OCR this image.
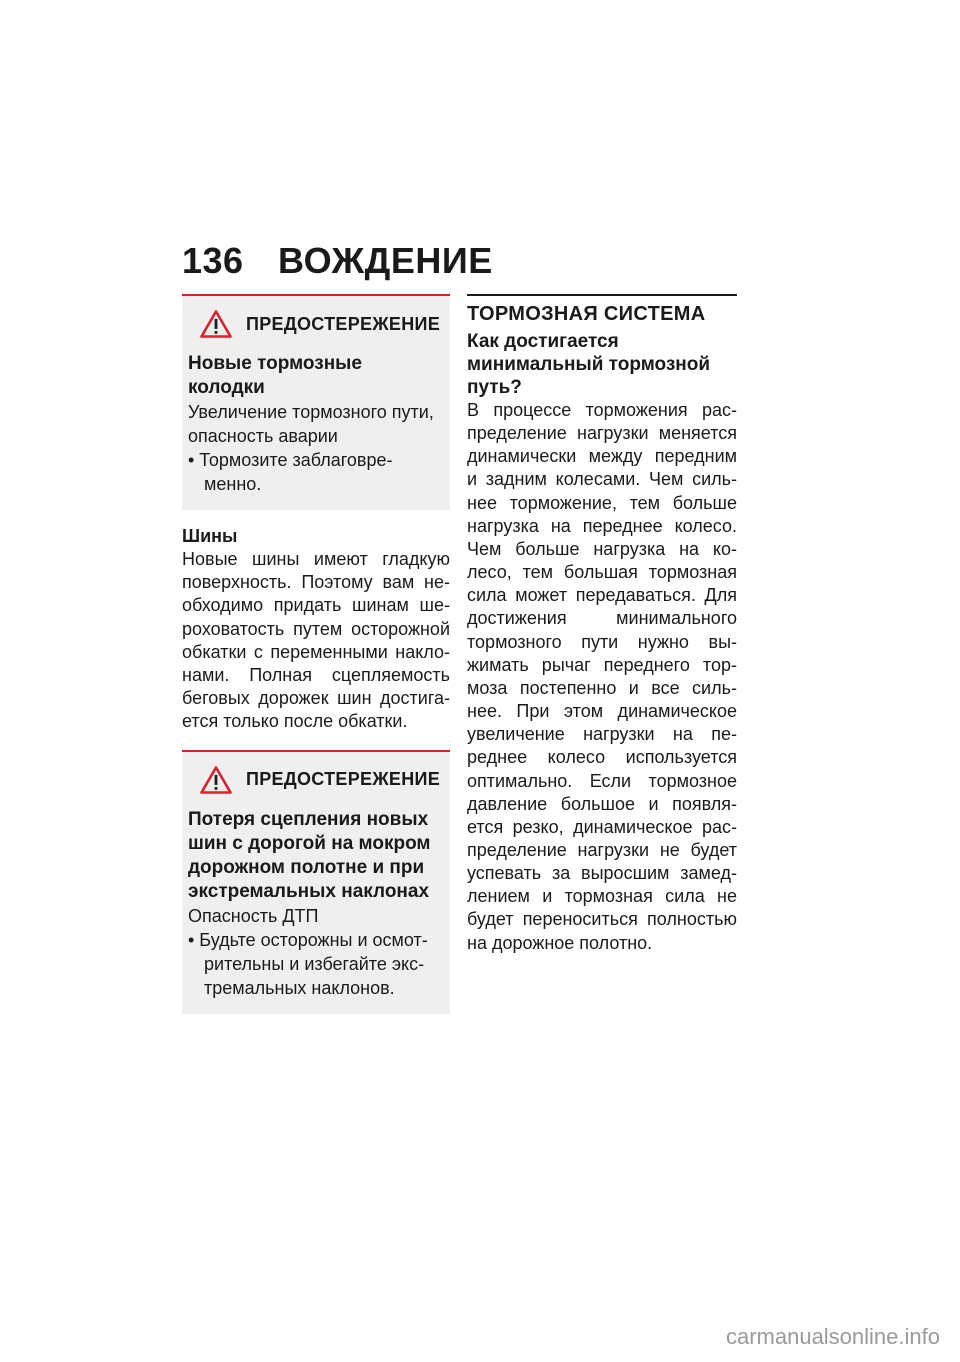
136 ВОЖДЕНИЕ
ПРЕДОСТЕРЕЖЕНИЕ
Новые тормозные колодки
Увеличение тормозного пути, опасность аварии
• Тормозите заблаговре- менно.
Шины
Новые шины имеют гладкую поверхность. Поэтому вам не- обходимо придать шинам ше- роховатость путем осторожной обкатки с переменными накло- нами. Полная сцепляемость беговых дорожек шин достига- ется только после обкатки.
ПРЕДОСТЕРЕЖЕНИЕ
Потеря сцепления новых шин с дорогой на мокром дорожном полотне и при экстремальных наклонах
Опасность ДТП
• Будьте осторожны и осмот- рительны и избегайте экс- тремальных наклонов.
ТОРМОЗНАЯ СИСТЕМА
Как достигается минимальный тормозной путь?
В процессе торможения рас- пределение нагрузки меняется динамически между передним и задним колесами. Чем силь- нее торможение, тем больше нагрузка на переднее колесо. Чем больше нагрузка на ко- лесо, тем большая тормозная сила может передаваться. Для достижения минимального тормозного пути нужно вы- жимать рычаг переднего тор- моза постепенно и все силь- нее. При этом динамическое увеличение нагрузки на пе- реднее колесо используется оптимально. Если тормозное давление большое и появля- ется резко, динамическое рас- пределение нагрузки не будет успевать за выросшим замед- лением и тормозная сила не будет переноситься полностью на дорожное полотно.
carmanualsonline.info
